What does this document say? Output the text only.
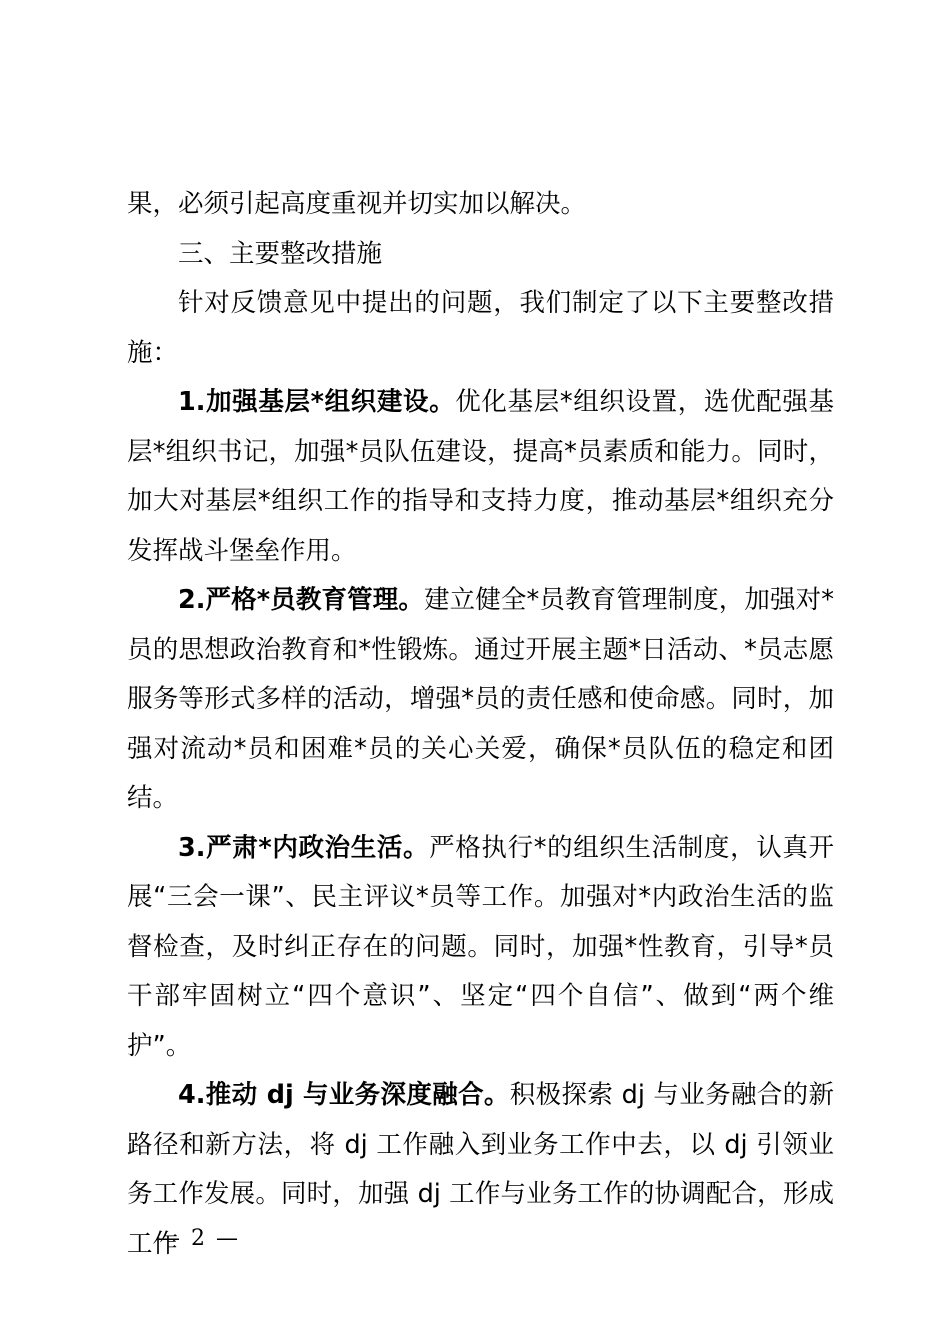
果，必须引起高度重视并切实加以解决。

三、主要整改措施

针对反馈意见中提出的问题，我们制定了以下主要整改措施：

1.加强基层*组织建设。优化基层*组织设置，选优配强基层*组织书记，加强*员队伍建设，提高*员素质和能力。同时，加大对基层*组织工作的指导和支持力度，推动基层*组织充分发挥战斗堡垒作用。

2.严格*员教育管理。建立健全*员教育管理制度，加强对*员的思想政治教育和*性锻炼。通过开展主题*日活动、*员志愿服务等形式多样的活动，增强*员的责任感和使命感。同时，加强对流动*员和困难*员的关心关爱，确保*员队伍的稳定和团结。

3.严肃*内政治生活。严格执行*的组织生活制度，认真开展“三会一课”、民主评议*员等工作。加强对*内政治生活的监督检查，及时纠正存在的问题。同时，加强*性教育，引导*员干部牢固树立“四个意识”、坚定“四个自信”、做到“两个维护”。

4.推动 dj 与业务深度融合。积极探索 dj 与业务融合的新路径和新方法，将 dj 工作融入到业务工作中去，以 dj 引领业务工作发展。同时，加强 dj 工作与业务工作的协调配合，形成工作

— 2 —
